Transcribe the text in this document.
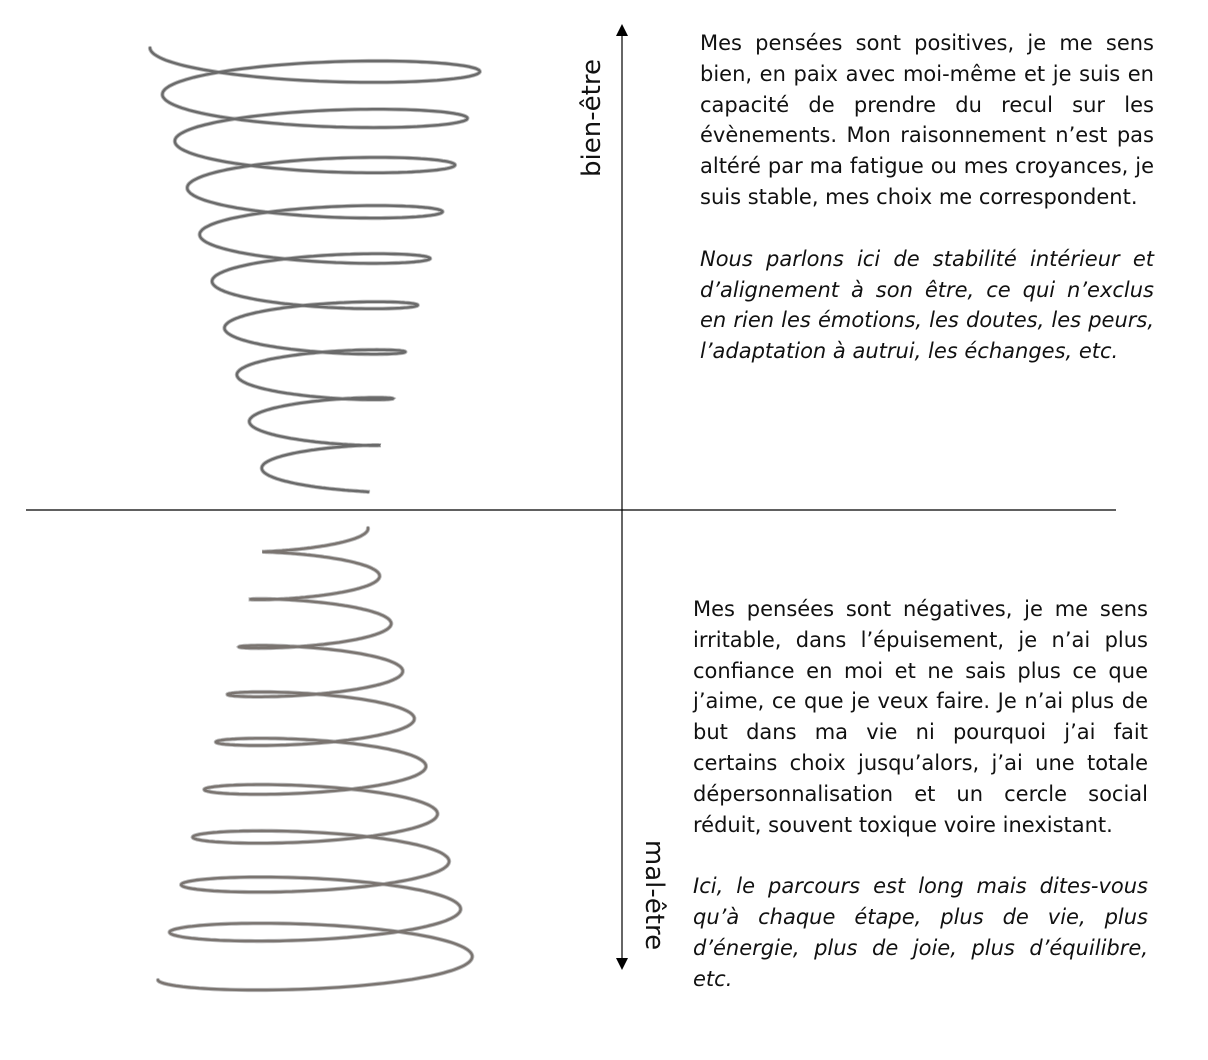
bien-être
mal-être

Mes pensées sont positives, je me sens bien, en paix avec moi-même et je suis en capacité de prendre du recul sur les évènements. Mon raisonnement n’est pas altéré par ma fatigue ou mes croyances, je suis stable, mes choix me correspondent.

Nous parlons ici de stabilité intérieur et d’alignement à son être, ce qui n’exclus en rien les émotions, les doutes, les peurs, l’adaptation à autrui, les échanges, etc.

Mes pensées sont négatives, je me sens irritable, dans l’épuisement, je n’ai plus confiance en moi et ne sais plus ce que j’aime, ce que je veux faire. Je n’ai plus de but dans ma vie ni pourquoi j’ai fait certains choix jusqu’alors, j’ai une totale dépersonnalisation et un cercle social réduit, souvent toxique voire inexistant.

Ici, le parcours est long mais dites-vous qu’à chaque étape, plus de vie, plus d’énergie, plus de joie, plus d’équilibre, etc.
